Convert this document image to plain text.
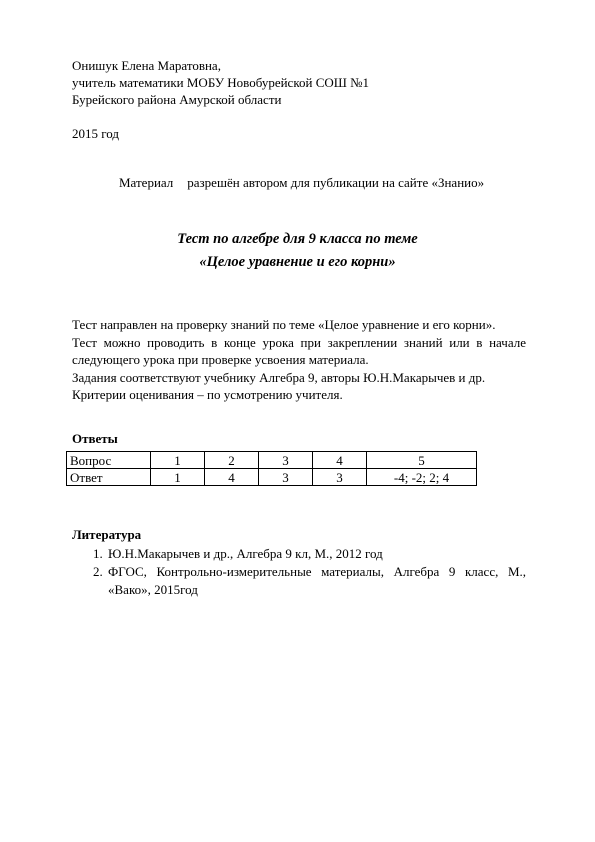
Онишук Елена Маратовна,
учитель математики МОБУ Новобурейской СОШ №1
Бурейского района Амурской области
2015 год
Материал разрешён автором для публикации на сайте «Знанио»
Тест по алгебре для 9 класса по теме
«Целое уравнение и его корни»

Тест направлен на проверку знаний по теме «Целое уравнение и его корни».

Тест можно проводить в конце урока при закреплении знаний или в начале следующего урока при проверке усвоения материала.

Задания соответствуют учебнику Алгебра 9, авторы Ю.Н.Макарычев и др.

Критерии оценивания – по усмотрению учителя.

Ответы
Вопрос	1	2	3	4	5
Ответ	1	4	3	3	-4; -2; 2; 4
Литература
1. Ю.Н.Макарычев и др., Алгебра 9 кл, М., 2012 год
2. ФГОС, Контрольно-измерительные материалы, Алгебра 9 класс, М., «Вако», 2015год
